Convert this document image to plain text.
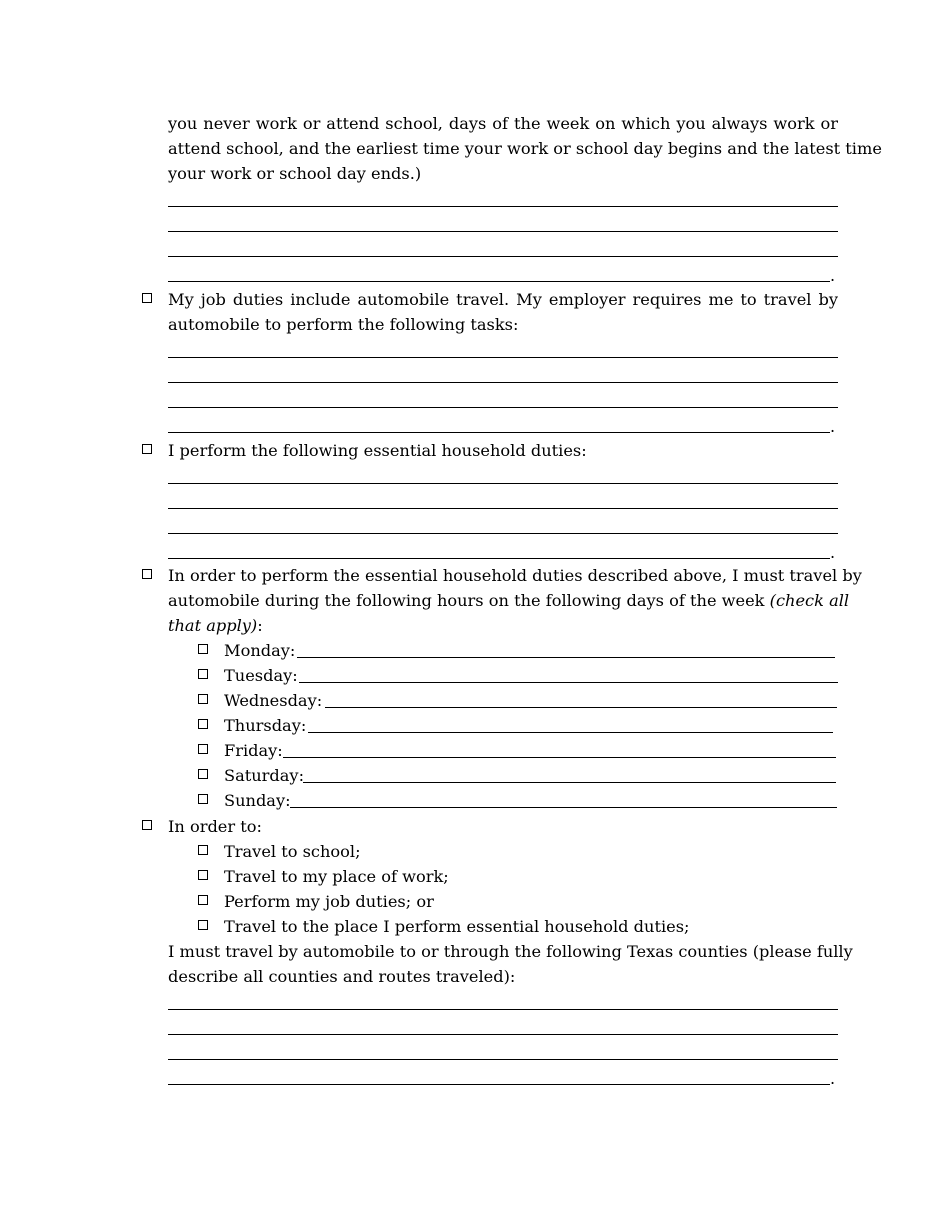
you never work or attend school, days of the week on which you always work or
attend school, and the earliest time your work or school day begins and the latest time
your work or school day ends.)
.
My job duties include automobile travel. My employer requires me to travel by
automobile to perform the following tasks:
.
I perform the following essential household duties:
.
In order to perform the essential household duties described above, I must travel by
automobile during the following hours on the following days of the week (check all
that apply):
Monday:
Tuesday:
Wednesday:
Thursday:
Friday:
Saturday:
Sunday:
In order to:
Travel to school;
Travel to my place of work;
Perform my job duties; or
Travel to the place I perform essential household duties;
I must travel by automobile to or through the following Texas counties (please fully
describe all counties and routes traveled):
.
